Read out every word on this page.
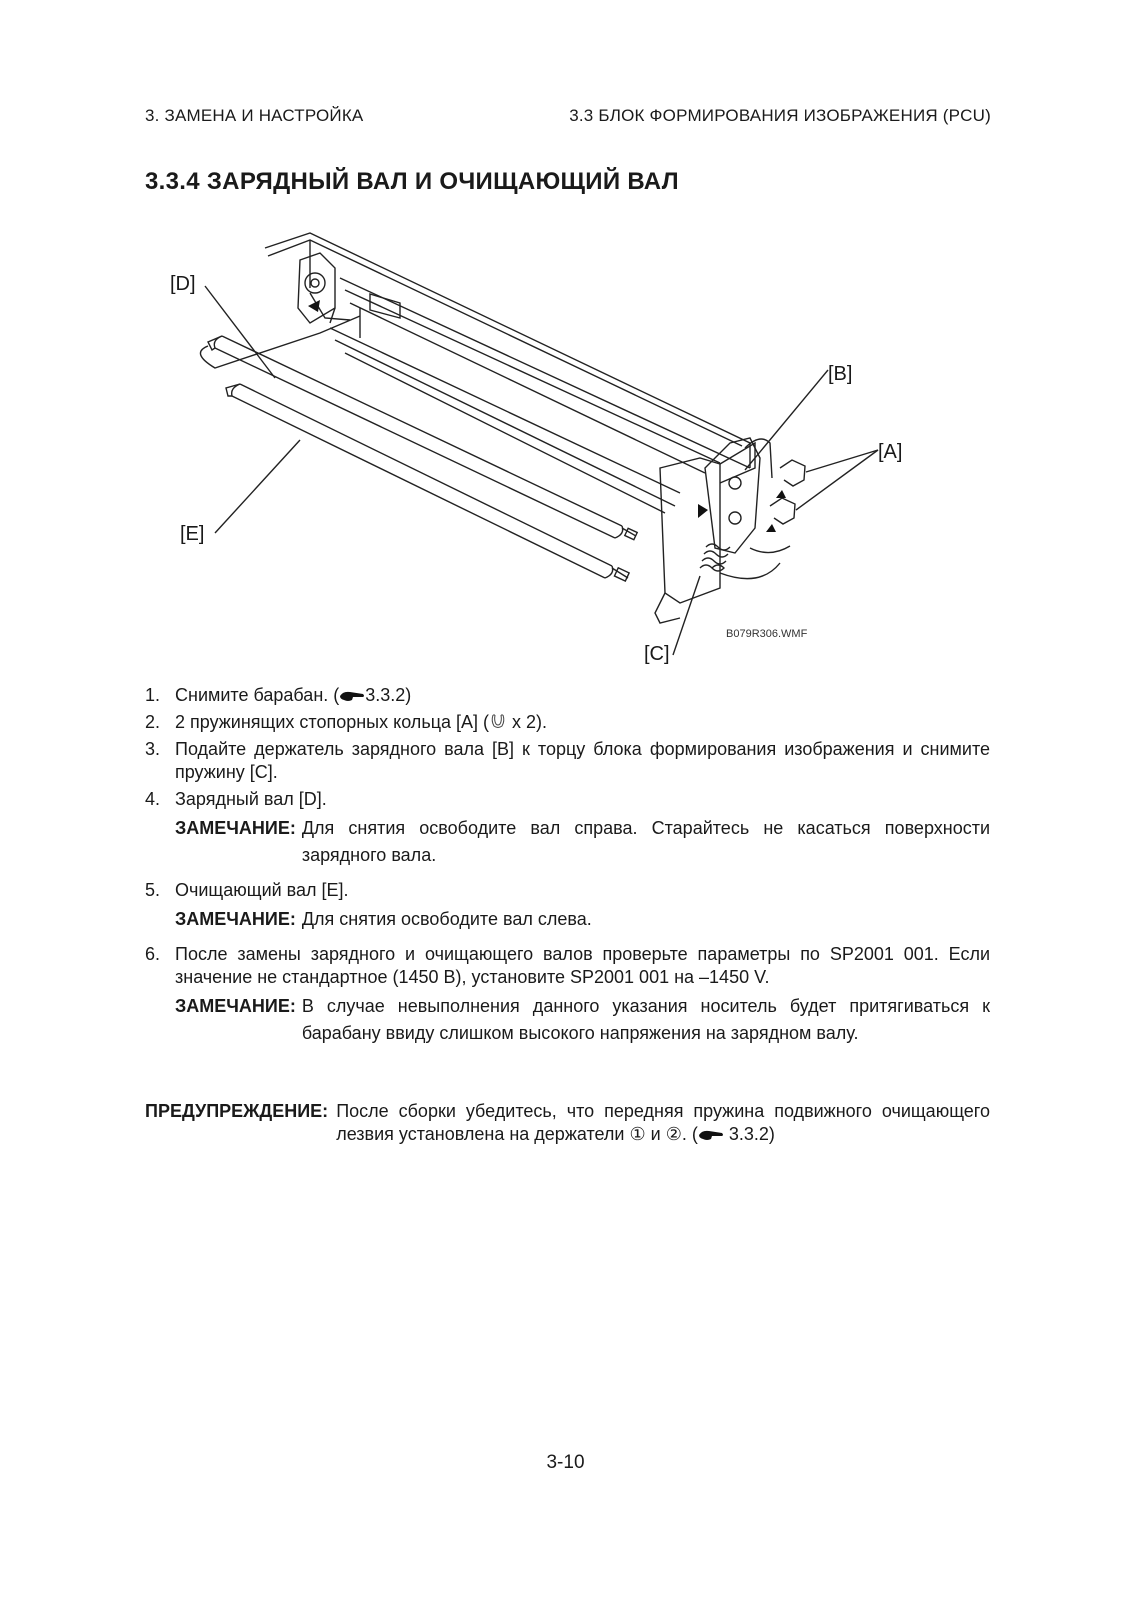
3. ЗАМЕНА И НАСТРОЙКА	3.3 БЛОК ФОРМИРОВАНИЯ ИЗОБРАЖЕНИЯ (PCU)
3.3.4 ЗАРЯДНЫЙ ВАЛ И ОЧИЩАЮЩИЙ ВАЛ
[D]
[B]
[A]
[E]
[C]
B079R306.WMF
1. Снимите барабан. ( 3.3.2)
2. 2 пружинящих стопорных кольца [A] ( x 2).
3. Подайте держатель зарядного вала [B] к торцу блока формирования изображения и снимите пружину [C].
4. Зарядный вал [D].
ЗАМЕЧАНИЕ: Для снятия освободите вал справа. Старайтесь не касаться поверхности зарядного вала.
5. Очищающий вал [E].
ЗАМЕЧАНИЕ: Для снятия освободите вал слева.
6. После замены зарядного и очищающего валов проверьте параметры по SP2001 001. Если значение не стандартное (1450 В), установите SP2001 001 на –1450 V.
ЗАМЕЧАНИЕ: В случае невыполнения данного указания носитель будет притягиваться к барабану ввиду слишком высокого напряжения на зарядном валу.
ПРЕДУПРЕЖДЕНИЕ: После сборки убедитесь, что передняя пружина подвижного очищающего лезвия установлена на держатели ① и ②. ( 3.3.2)
3-10
